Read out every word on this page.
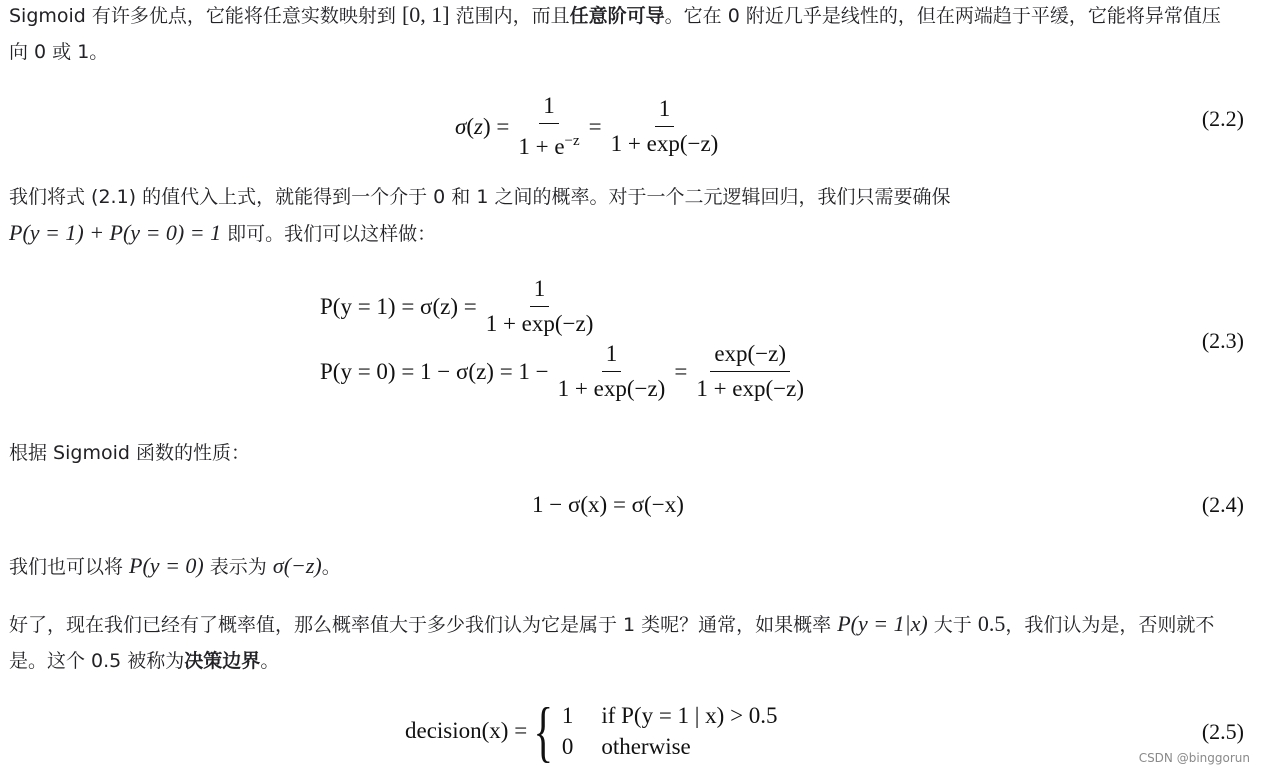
Sigmoid 有许多优点，它能将任意实数映射到 [0, 1] 范围内，而且任意阶可导。它在 0 附近几乎是线性的，但在两端趋于平缓，它能将异常值压向 0 或 1。
$\sigma(z) = \frac{1}{1 + e^{-z}} = \frac{1}{1 + \exp(-z)}$	(2.2)
我们将式 (2.1) 的值代入上式，就能得到一个介于 0 和 1 之间的概率。对于一个二元逻辑回归，我们只需要确保
P(y = 1) + P(y = 0) = 1 即可。我们可以这样做：
$P(y = 1) = \sigma(z) = \frac{1}{1 + \exp(-z)}$
$P(y = 0) = 1 - \sigma(z) = 1 - \frac{1}{1 + \exp(-z)} = \frac{\exp(-z)}{1 + \exp(-z)}$	(2.3)
根据 Sigmoid 函数的性质：
1 − σ(x) = σ(−x)	(2.4)
我们也可以将 P(y = 0) 表示为 σ(−z)。
好了，现在我们已经有了概率值，那么概率值大于多少我们认为它是属于 1 类呢？通常，如果概率 P(y = 1|x) 大于 0.5，我们认为是，否则就不是。这个 0.5 被称为决策边界。
decision(x) = { 1 if P(y = 1 | x) > 0.5
0 otherwise
(2.5)
CSDN @binggorun
